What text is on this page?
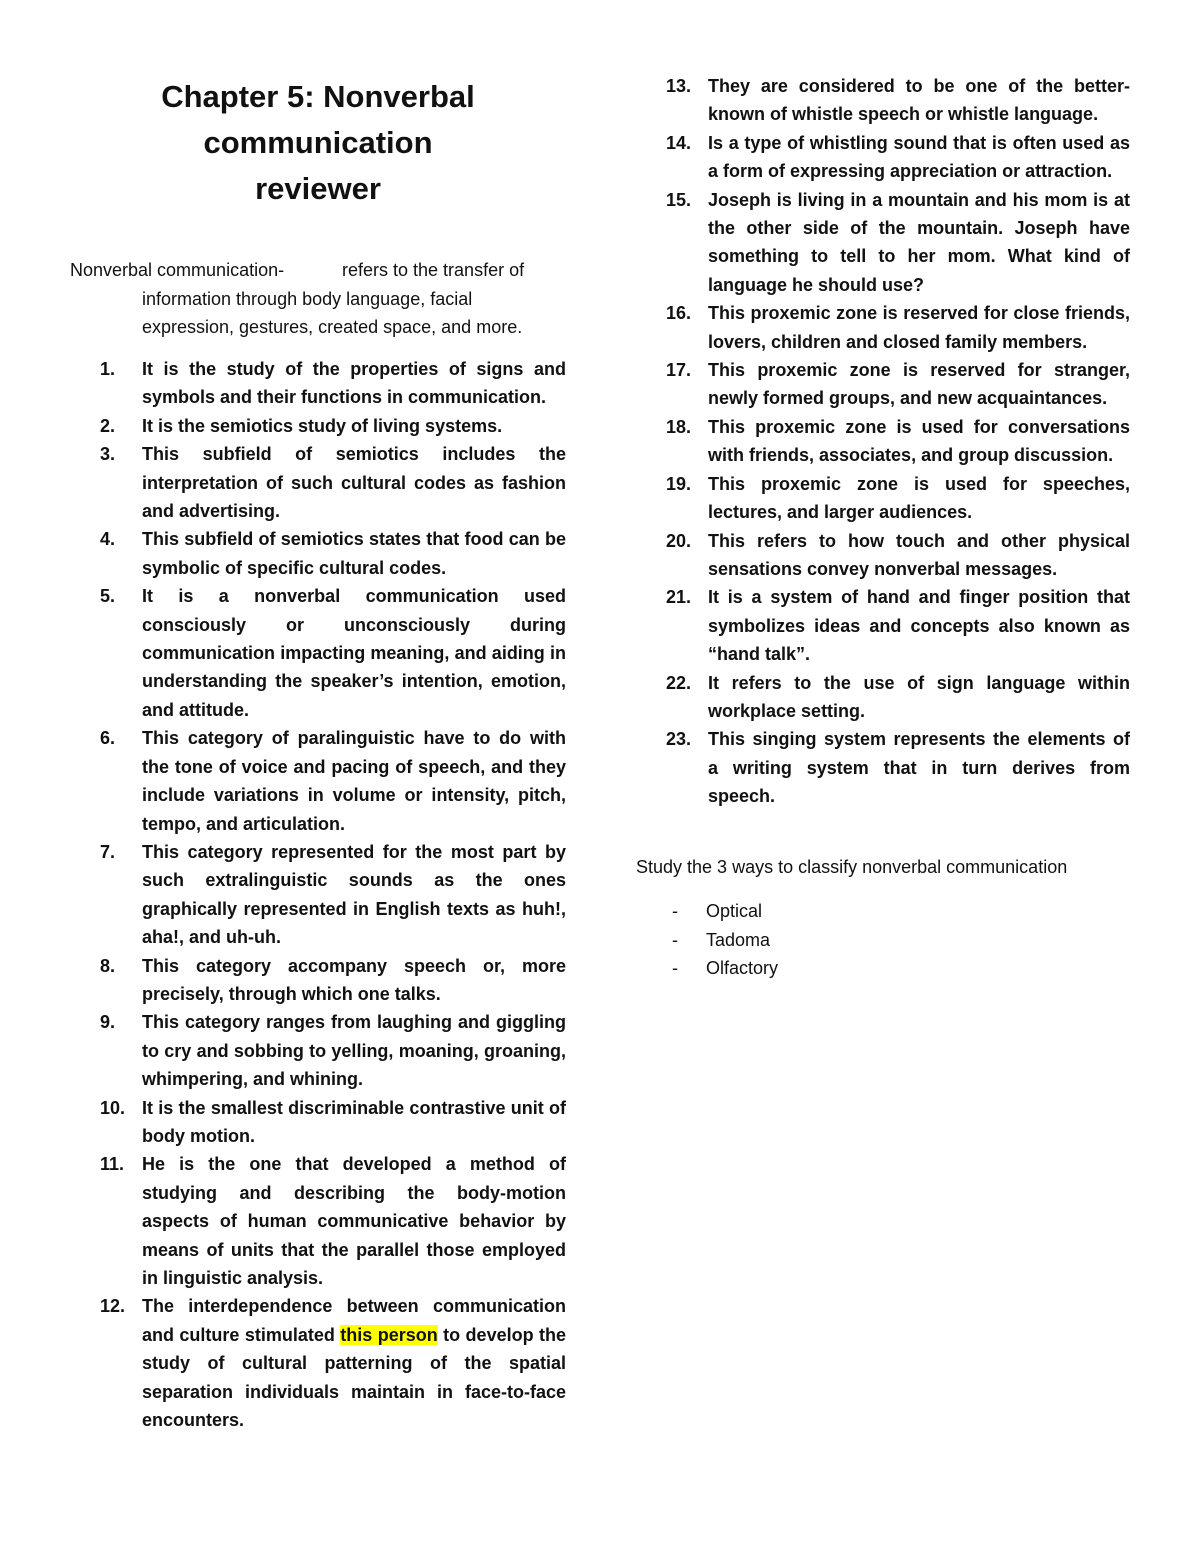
Chapter 5: Nonverbal
communication
reviewer
Nonverbal communication-	refers to the transfer of
information through body language, facial expression, gestures, created space, and more.
1.	It is the study of the properties of signs and symbols and their functions in communication.
2.	It is the semiotics study of living systems.
3.	This subfield of semiotics includes the interpretation of such cultural codes as fashion and advertising.
4.	This subfield of semiotics states that food can be symbolic of specific cultural codes.
5.	It is a nonverbal communication used consciously or unconsciously during communication impacting meaning, and aiding in understanding the speaker’s intention, emotion, and attitude.
6.	This category of paralinguistic have to do with the tone of voice and pacing of speech, and they include variations in volume or intensity, pitch, tempo, and articulation.
7.	This category represented for the most part by such extralinguistic sounds as the ones graphically represented in English texts as huh!, aha!, and uh-uh.
8.	This category accompany speech or, more precisely, through which one talks.
9.	This category ranges from laughing and giggling to cry and sobbing to yelling, moaning, groaning, whimpering, and whining.
10. It is the smallest discriminable contrastive unit of body motion.
11. He is the one that developed a method of studying and describing the body-motion aspects of human communicative behavior by means of units that the parallel those employed in linguistic analysis.
12. The interdependence between communication and culture stimulated this person to develop the study of cultural patterning of the spatial separation individuals maintain in face-to-face encounters.
13. They are considered to be one of the better-known of whistle speech or whistle language.
14. Is a type of whistling sound that is often used as a form of expressing appreciation or attraction.
15. Joseph is living in a mountain and his mom is at the other side of the mountain. Joseph have something to tell to her mom. What kind of language he should use?
16. This proxemic zone is reserved for close friends, lovers, children and closed family members.
17. This proxemic zone is reserved for stranger, newly formed groups, and new acquaintances.
18. This proxemic zone is used for conversations with friends, associates, and group discussion.
19. This proxemic zone is used for speeches, lectures, and larger audiences.
20. This refers to how touch and other physical sensations convey nonverbal messages.
21. It is a system of hand and finger position that symbolizes ideas and concepts also known as “hand talk”.
22. It refers to the use of sign language within workplace setting.
23. This singing system represents the elements of a writing system that in turn derives from speech.
Study the 3 ways to classify nonverbal communication
- Optical
- Tadoma
- Olfactory
